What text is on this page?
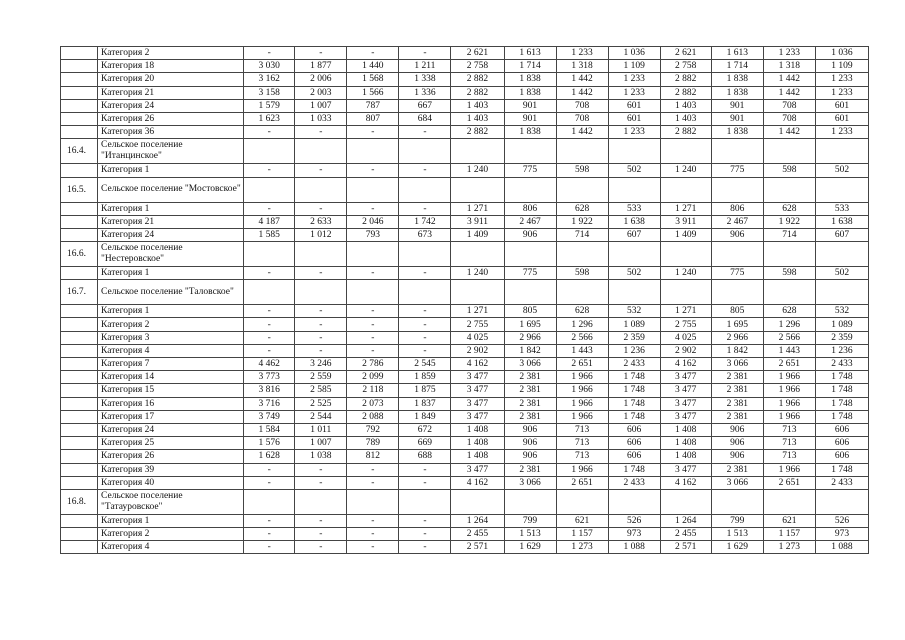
	Категория 2	-	-	-	-	2 621	1 613	1 233	1 036	2 621	1 613	1 233	1 036
	Категория 18	3 030	1 877	1 440	1 211	2 758	1 714	1 318	1 109	2 758	1 714	1 318	1 109
	Категория 20	3 162	2 006	1 568	1 338	2 882	1 838	1 442	1 233	2 882	1 838	1 442	1 233
	Категория 21	3 158	2 003	1 566	1 336	2 882	1 838	1 442	1 233	2 882	1 838	1 442	1 233
	Категория 24	1 579	1 007	787	667	1 403	901	708	601	1 403	901	708	601
	Категория 26	1 623	1 033	807	684	1 403	901	708	601	1 403	901	708	601
	Категория 36	-	-	-	-	2 882	1 838	1 442	1 233	2 882	1 838	1 442	1 233
16.4.	Сельское поселение "Итанцинское"												
	Категория 1	-	-	-	-	1 240	775	598	502	1 240	775	598	502
16.5.	Сельское поселение "Мостовское"												
	Категория 1	-	-	-	-	1 271	806	628	533	1 271	806	628	533
	Категория 21	4 187	2 633	2 046	1 742	3 911	2 467	1 922	1 638	3 911	2 467	1 922	1 638
	Категория 24	1 585	1 012	793	673	1 409	906	714	607	1 409	906	714	607
16.6.	Сельское поселение "Нестеровское"												
	Категория 1	-	-	-	-	1 240	775	598	502	1 240	775	598	502
16.7.	Сельское поселение "Таловское"												
	Категория 1	-	-	-	-	1 271	805	628	532	1 271	805	628	532
	Категория 2	-	-	-	-	2 755	1 695	1 296	1 089	2 755	1 695	1 296	1 089
	Категория 3	-	-	-	-	4 025	2 966	2 566	2 359	4 025	2 966	2 566	2 359
	Категория 4	-	-	-	-	2 902	1 842	1 443	1 236	2 902	1 842	1 443	1 236
	Категория 7	4 462	3 246	2 786	2 545	4 162	3 066	2 651	2 433	4 162	3 066	2 651	2 433
	Категория 14	3 773	2 559	2 099	1 859	3 477	2 381	1 966	1 748	3 477	2 381	1 966	1 748
	Категория 15	3 816	2 585	2 118	1 875	3 477	2 381	1 966	1 748	3 477	2 381	1 966	1 748
	Категория 16	3 716	2 525	2 073	1 837	3 477	2 381	1 966	1 748	3 477	2 381	1 966	1 748
	Категория 17	3 749	2 544	2 088	1 849	3 477	2 381	1 966	1 748	3 477	2 381	1 966	1 748
	Категория 24	1 584	1 011	792	672	1 408	906	713	606	1 408	906	713	606
	Категория 25	1 576	1 007	789	669	1 408	906	713	606	1 408	906	713	606
	Категория 26	1 628	1 038	812	688	1 408	906	713	606	1 408	906	713	606
	Категория 39	-	-	-	-	3 477	2 381	1 966	1 748	3 477	2 381	1 966	1 748
	Категория 40	-	-	-	-	4 162	3 066	2 651	2 433	4 162	3 066	2 651	2 433
16.8.	Сельское поселение "Татауровское"												
	Категория 1	-	-	-	-	1 264	799	621	526	1 264	799	621	526
	Категория 2	-	-	-	-	2 455	1 513	1 157	973	2 455	1 513	1 157	973
	Категория 4	-	-	-	-	2 571	1 629	1 273	1 088	2 571	1 629	1 273	1 088
